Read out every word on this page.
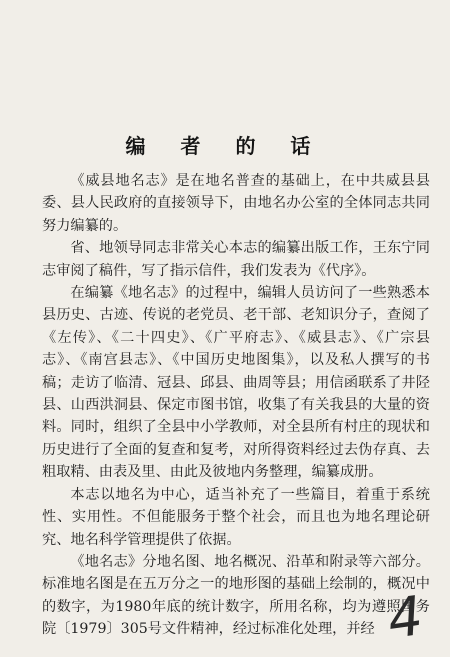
编 者 的 话

《威县地名志》是在地名普查的基础上，在中共威县县委、县人民政府的直接领导下，由地名办公室的全体同志共同努力编纂的。

省、地领导同志非常关心本志的编纂出版工作，王东宁同志审阅了稿件，写了指示信件，我们发表为《代序》。

在编纂《地名志》的过程中，编辑人员访问了一些熟悉本县历史、古迹、传说的老党员、老干部、老知识分子，查阅了《左传》、《二十四史》、《广平府志》、《威县志》、《广宗县志》、《南宫县志》、《中国历史地图集》，以及私人撰写的书稿；走访了临清、冠县、邱县、曲周等县；用信函联系了井陉县、山西洪洞县、保定市图书馆，收集了有关我县的大量的资料。同时，组织了全县中小学教师，对全县所有村庄的现状和历史进行了全面的复查和复考，对所得资料经过去伪存真、去粗取精、由表及里、由此及彼地内务整理，编纂成册。

本志以地名为中心，适当补充了一些篇目，着重于系统性、实用性。不但能服务于整个社会，而且也为地名理论研究、地名科学管理提供了依据。

《地名志》分地名图、地名概况、沿革和附录等六部分。标准地名图是在五万分之一的地形图的基础上绘制的，概况中的数字，为1980年底的统计数字，所用名称，均为遵照国务院〔1979〕305号文件精神，经过标准化处理，并经 4
